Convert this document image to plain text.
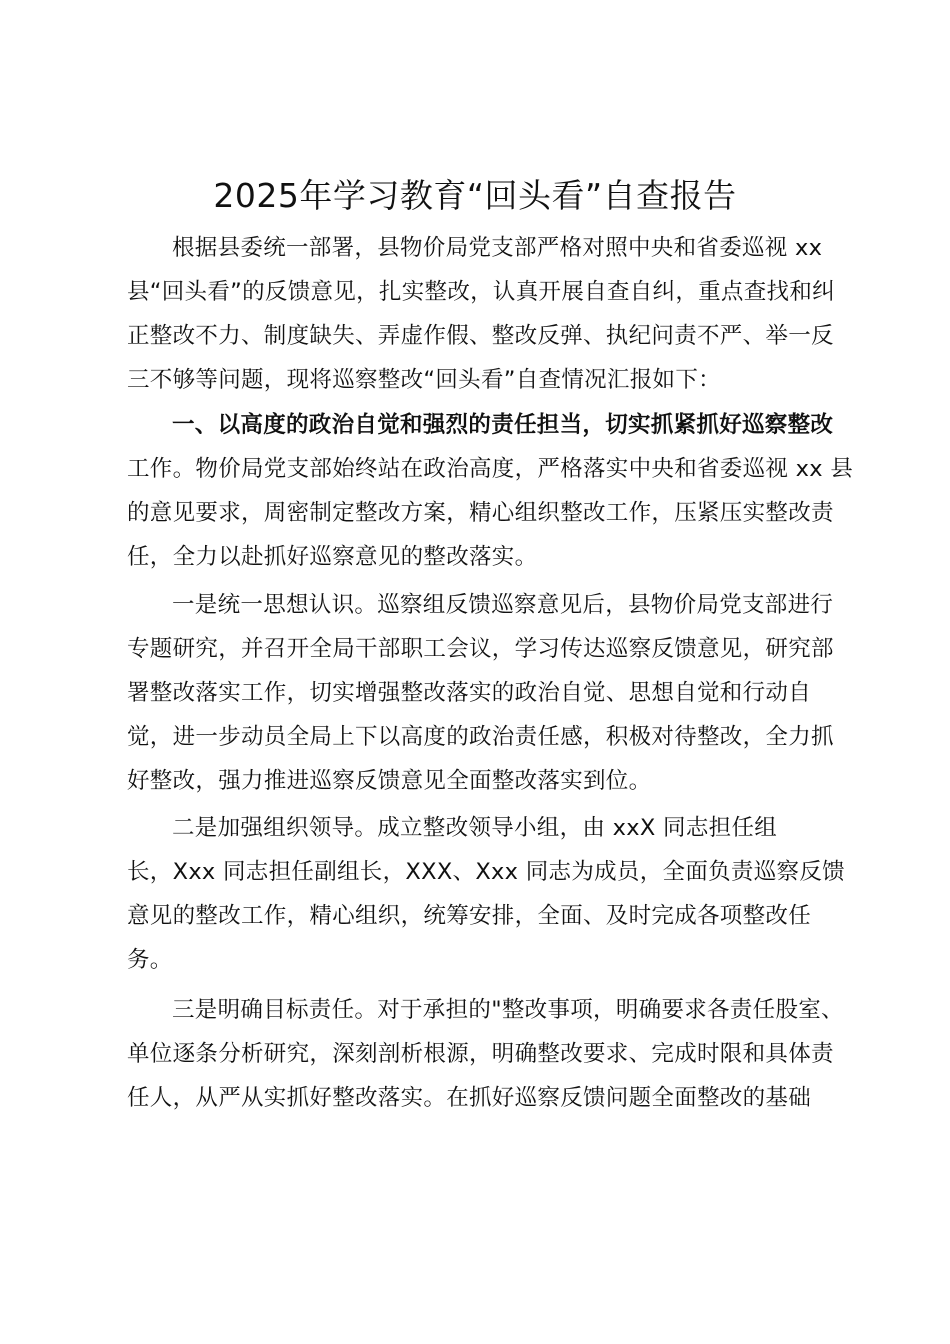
2025年学习教育“回头看”自查报告
根据县委统一部署，县物价局党支部严格对照中央和省委巡视 xx
县“回头看”的反馈意见，扎实整改，认真开展自查自纠，重点查找和纠
正整改不力、制度缺失、弄虚作假、整改反弹、执纪问责不严、举一反
三不够等问题，现将巡察整改“回头看”自查情况汇报如下：
一、以高度的政治自觉和强烈的责任担当，切实抓紧抓好巡察整改
工作。物价局党支部始终站在政治高度，严格落实中央和省委巡视 xx 县
的意见要求，周密制定整改方案，精心组织整改工作，压紧压实整改责
任，全力以赴抓好巡察意见的整改落实。
一是统一思想认识。巡察组反馈巡察意见后，县物价局党支部进行
专题研究，并召开全局干部职工会议，学习传达巡察反馈意见，研究部
署整改落实工作，切实增强整改落实的政治自觉、思想自觉和行动自
觉，进一步动员全局上下以高度的政治责任感，积极对待整改，全力抓
好整改，强力推进巡察反馈意见全面整改落实到位。
二是加强组织领导。成立整改领导小组，由 xxX 同志担任组
长，Xxx 同志担任副组长，XXX、Xxx 同志为成员，全面负责巡察反馈
意见的整改工作，精心组织，统筹安排，全面、及时完成各项整改任
务。
三是明确目标责任。对于承担的"整改事项，明确要求各责任股室、
单位逐条分析研究，深刻剖析根源，明确整改要求、完成时限和具体责
任人，从严从实抓好整改落实。在抓好巡察反馈问题全面整改的基础
